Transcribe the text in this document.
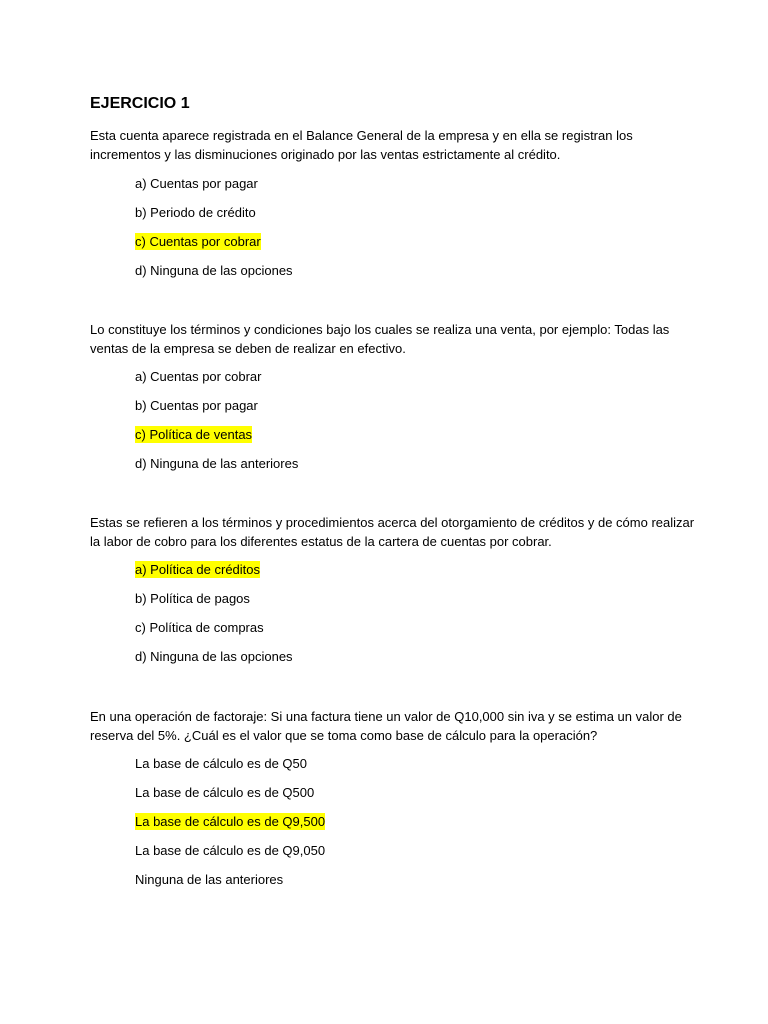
EJERCICIO 1
Esta cuenta aparece registrada en el Balance General de la empresa y en ella se registran los incrementos y las disminuciones originado por las ventas estrictamente al crédito.
a) Cuentas por pagar
b) Periodo de crédito
c) Cuentas por cobrar
d) Ninguna de las opciones
Lo constituye los términos y condiciones bajo los cuales se realiza una venta, por ejemplo: Todas las ventas de la empresa se deben de realizar en efectivo.
a) Cuentas por cobrar
b) Cuentas por pagar
c) Política de ventas
d) Ninguna de las anteriores
Estas se refieren a los términos y procedimientos acerca del otorgamiento de créditos y de cómo realizar la labor de cobro para los diferentes estatus de la cartera de cuentas por cobrar.
a) Política de créditos
b) Política de pagos
c) Política de compras
d) Ninguna de las opciones
En una operación de factoraje: Si una factura tiene un valor de Q10,000 sin iva y se estima un valor de reserva del 5%. ¿Cuál es el valor que se toma como base de cálculo para la operación?
La base de cálculo es de Q50
La base de cálculo es de Q500
La base de cálculo es de Q9,500
La base de cálculo es de Q9,050
Ninguna de las anteriores
